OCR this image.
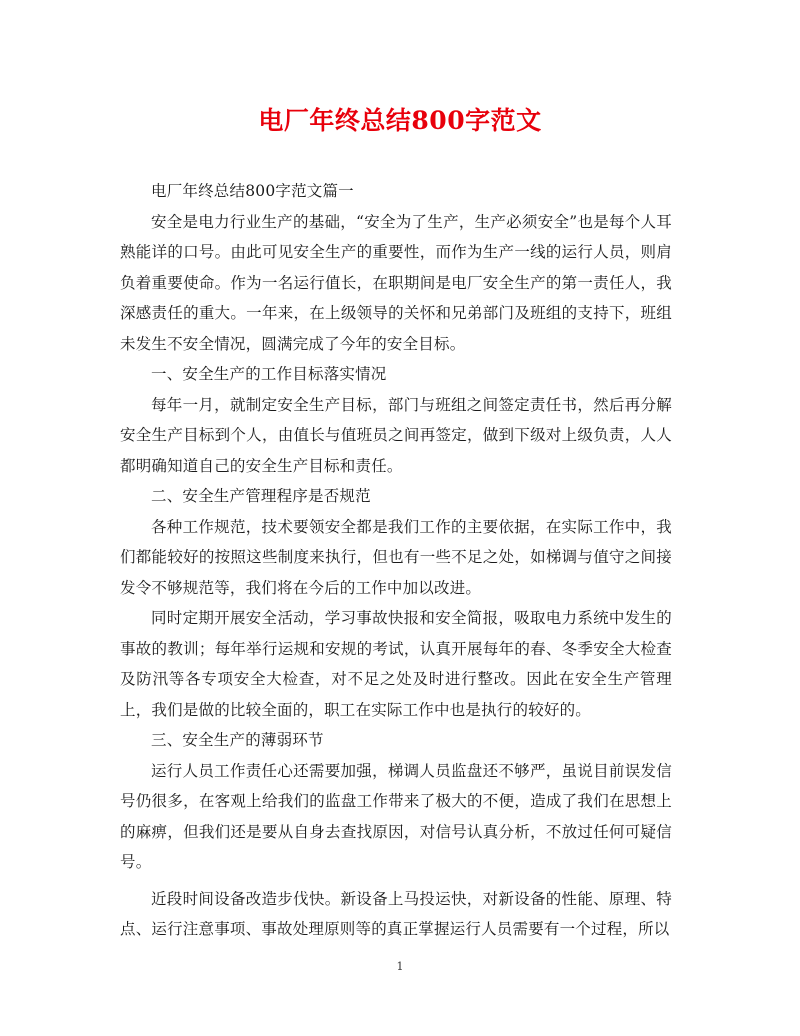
电厂年终总结800字范文

电厂年终总结800字范文篇一

安全是电力行业生产的基础，“安全为了生产，生产必须安全”也是每个人耳熟能详的口号。由此可见安全生产的重要性，而作为生产一线的运行人员，则肩负着重要使命。作为一名运行值长，在职期间是电厂安全生产的第一责任人，我深感责任的重大。一年来，在上级领导的关怀和兄弟部门及班组的支持下，班组未发生不安全情况，圆满完成了今年的安全目标。

一、安全生产的工作目标落实情况

每年一月，就制定安全生产目标，部门与班组之间签定责任书，然后再分解安全生产目标到个人，由值长与值班员之间再签定，做到下级对上级负责，人人都明确知道自己的安全生产目标和责任。

二、安全生产管理程序是否规范

各种工作规范，技术要领安全都是我们工作的主要依据，在实际工作中，我们都能较好的按照这些制度来执行，但也有一些不足之处，如梯调与值守之间接发令不够规范等，我们将在今后的工作中加以改进。

同时定期开展安全活动，学习事故快报和安全简报，吸取电力系统中发生的事故的教训；每年举行运规和安规的考试，认真开展每年的春、冬季安全大检查及防汛等各专项安全大检查，对不足之处及时进行整改。因此在安全生产管理上，我们是做的比较全面的，职工在实际工作中也是执行的较好的。

三、安全生产的薄弱环节

运行人员工作责任心还需要加强，梯调人员监盘还不够严，虽说目前误发信号仍很多，在客观上给我们的监盘工作带来了极大的不便，造成了我们在思想上的麻痹，但我们还是要从自身去查找原因，对信号认真分析，不放过任何可疑信号。

近段时间设备改造步伐快。新设备上马投运快，对新设备的性能、原理、特点、运行注意事项、事故处理原则等的真正掌握运行人员需要有一个过程，所以

1
